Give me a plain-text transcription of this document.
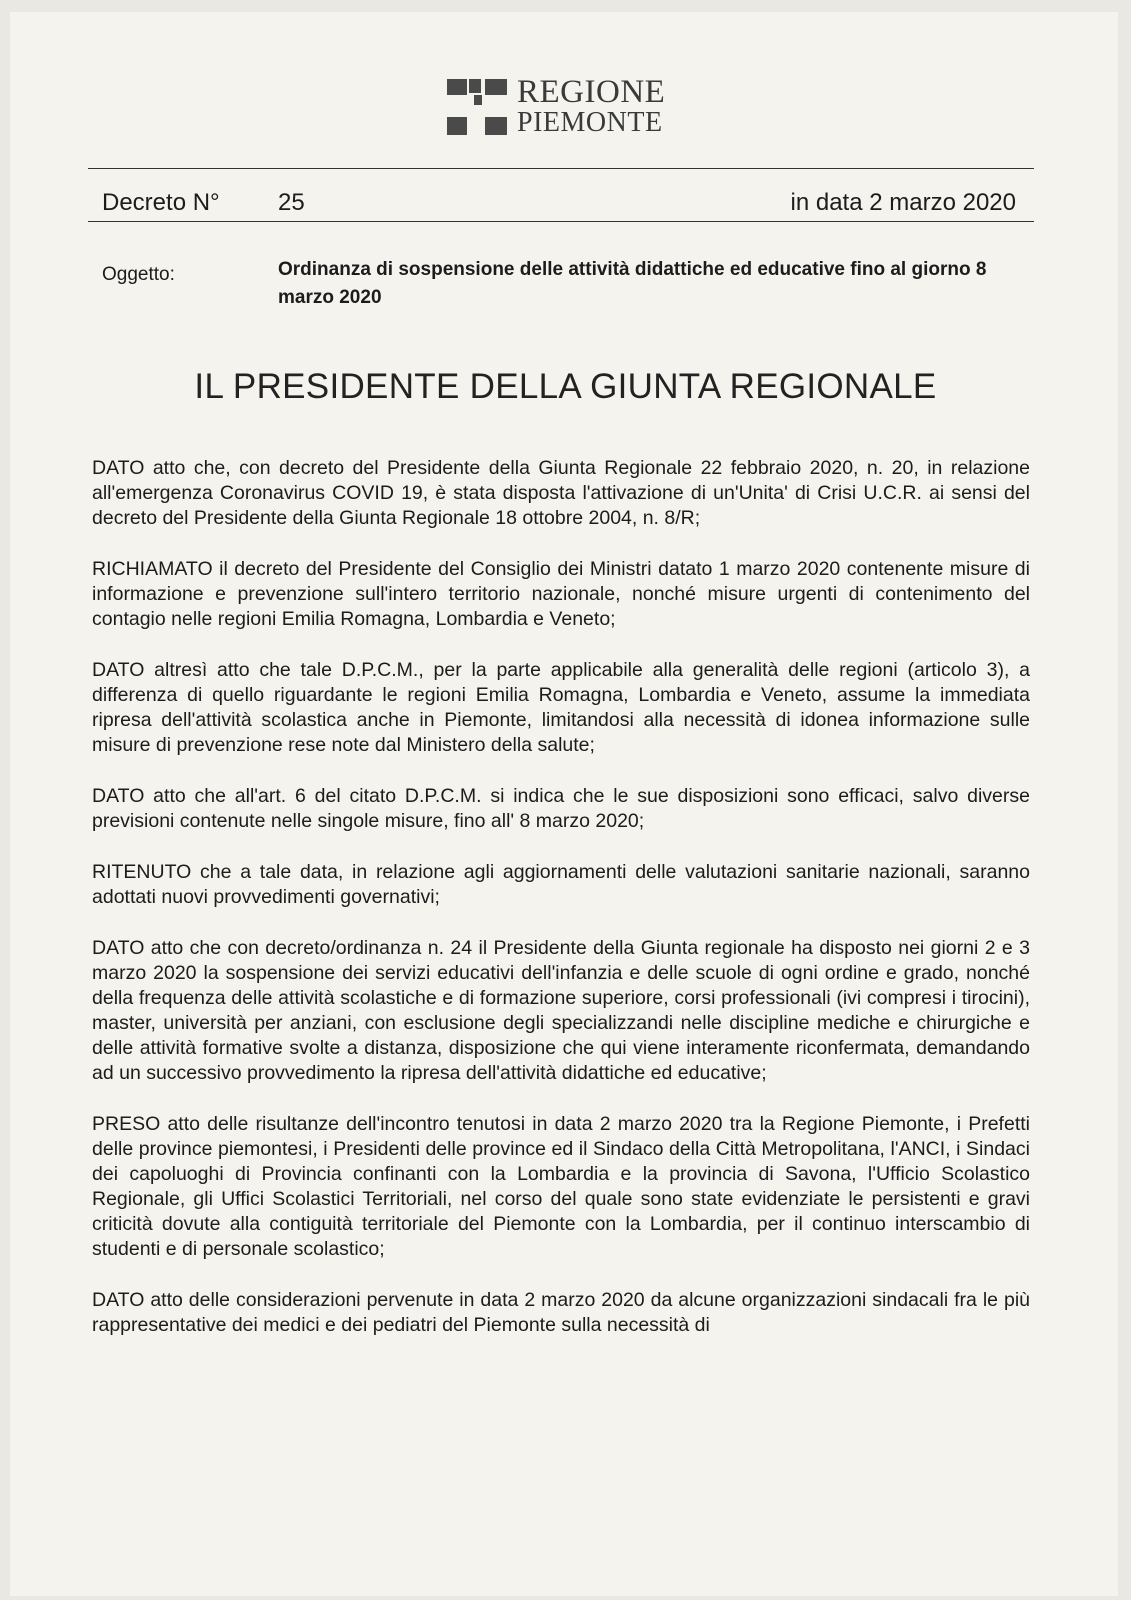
REGIONE
PIEMONTE
Decreto N° 25	in data 2 marzo 2020
Oggetto:	Ordinanza di sospensione delle attività didattiche ed educative fino al giorno 8 marzo 2020
IL PRESIDENTE DELLA GIUNTA REGIONALE

DATO atto che, con decreto del Presidente della Giunta Regionale 22 febbraio 2020, n. 20, in relazione all'emergenza Coronavirus COVID 19, è stata disposta l'attivazione di un'Unita' di Crisi U.C.R. ai sensi del decreto del Presidente della Giunta Regionale 18 ottobre 2004, n. 8/R;

RICHIAMATO il decreto del Presidente del Consiglio dei Ministri datato 1 marzo 2020 contenente misure di informazione e prevenzione sull'intero territorio nazionale, nonché misure urgenti di contenimento del contagio nelle regioni Emilia Romagna, Lombardia e Veneto;

DATO altresì atto che tale D.P.C.M., per la parte applicabile alla generalità delle regioni (articolo 3), a differenza di quello riguardante le regioni Emilia Romagna, Lombardia e Veneto, assume la immediata ripresa dell'attività scolastica anche in Piemonte, limitandosi alla necessità di idonea informazione sulle misure di prevenzione rese note dal Ministero della salute;

DATO atto che all'art. 6 del citato D.P.C.M. si indica che le sue disposizioni sono efficaci, salvo diverse previsioni contenute nelle singole misure, fino all' 8 marzo 2020;

RITENUTO che a tale data, in relazione agli aggiornamenti delle valutazioni sanitarie nazionali, saranno adottati nuovi provvedimenti governativi;

DATO atto che con decreto/ordinanza n. 24 il Presidente della Giunta regionale ha disposto nei giorni 2 e 3 marzo 2020 la sospensione dei servizi educativi dell'infanzia e delle scuole di ogni ordine e grado, nonché della frequenza delle attività scolastiche e di formazione superiore, corsi professionali (ivi compresi i tirocini), master, università per anziani, con esclusione degli specializzandi nelle discipline mediche e chirurgiche e delle attività formative svolte a distanza, disposizione che qui viene interamente riconfermata, demandando ad un successivo provvedimento la ripresa dell'attività didattiche ed educative;

PRESO atto delle risultanze dell'incontro tenutosi in data 2 marzo 2020 tra la Regione Piemonte, i Prefetti delle province piemontesi, i Presidenti delle province ed il Sindaco della Città Metropolitana, l'ANCI, i Sindaci dei capoluoghi di Provincia confinanti con la Lombardia e la provincia di Savona, l'Ufficio Scolastico Regionale, gli Uffici Scolastici Territoriali, nel corso del quale sono state evidenziate le persistenti e gravi criticità dovute alla contiguità territoriale del Piemonte con la Lombardia, per il continuo interscambio di studenti e di personale scolastico;

DATO atto delle considerazioni pervenute in data 2 marzo 2020 da alcune organizzazioni sindacali fra le più rappresentative dei medici e dei pediatri del Piemonte sulla necessità di
